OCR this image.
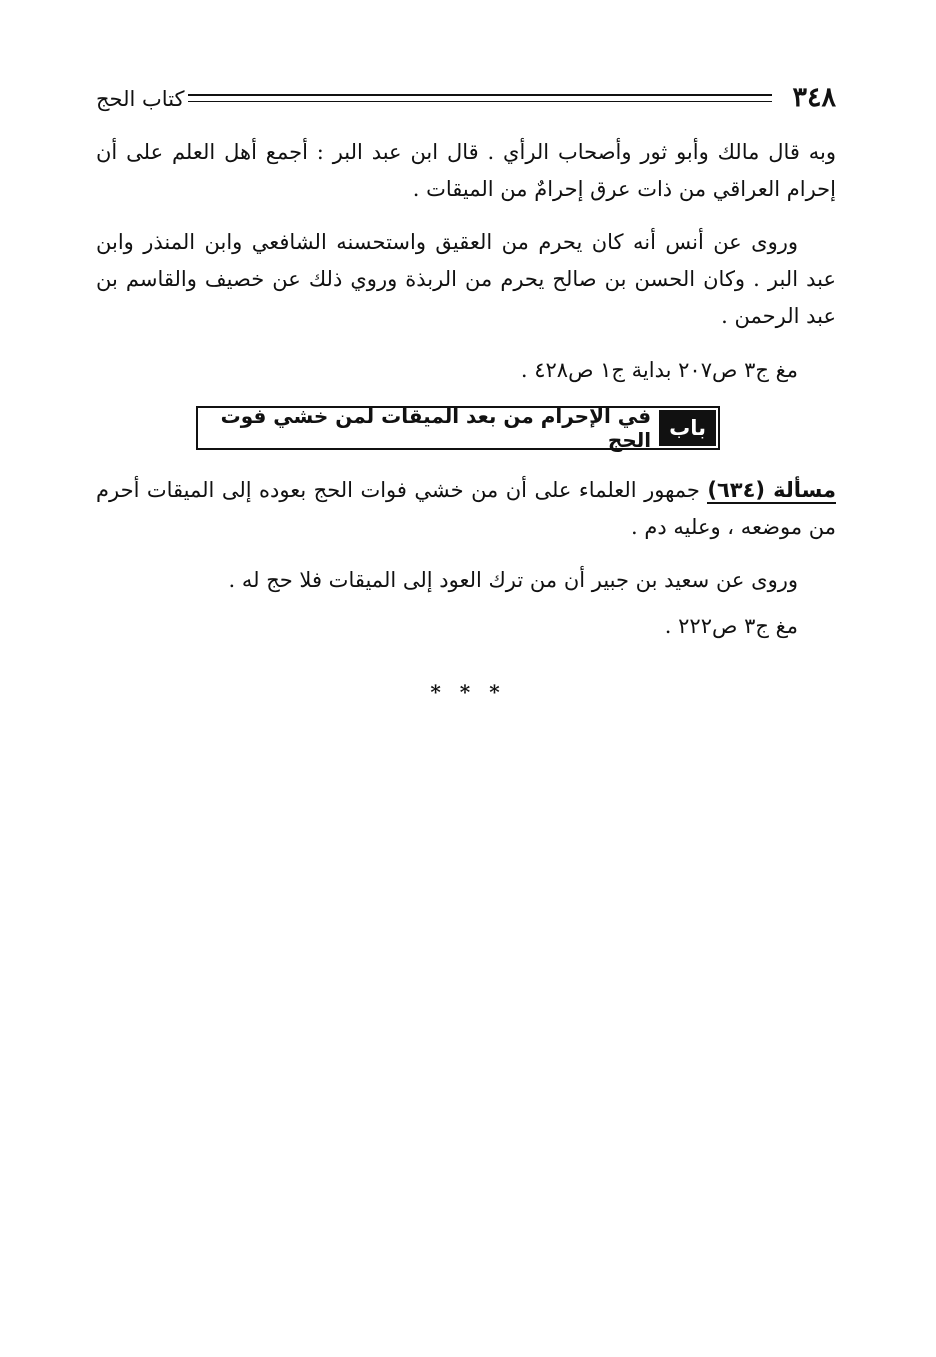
٣٤٨
كتاب الحج

وبه قال مالك وأبو ثور وأصحاب الرأي . قال ابن عبد البر : أجمع أهل العلم على أن إحرام العراقي من ذات عرق إحرامٌ من الميقات .

وروى عن أنس أنه كان يحرم من العقيق واستحسنه الشافعي وابن المنذر وابن عبد البر . وكان الحسن بن صالح يحرم من الربذة وروي ذلك عن خصيف والقاسم بن عبد الرحمن .

مغ ج٣ ص٢٠٧ بداية ج١ ص٤٢٨ .

باب
في الإحرام من بعد الميقات لمن خشي فوت الحج

مسألة (٦٣٤) جمهور العلماء على أن من خشي فوات الحج بعوده إلى الميقات أحرم من موضعه ، وعليه دم .

وروى عن سعيد بن جبير أن من ترك العود إلى الميقات فلا حج له .

مغ ج٣ ص٢٢٢ .

* * *
